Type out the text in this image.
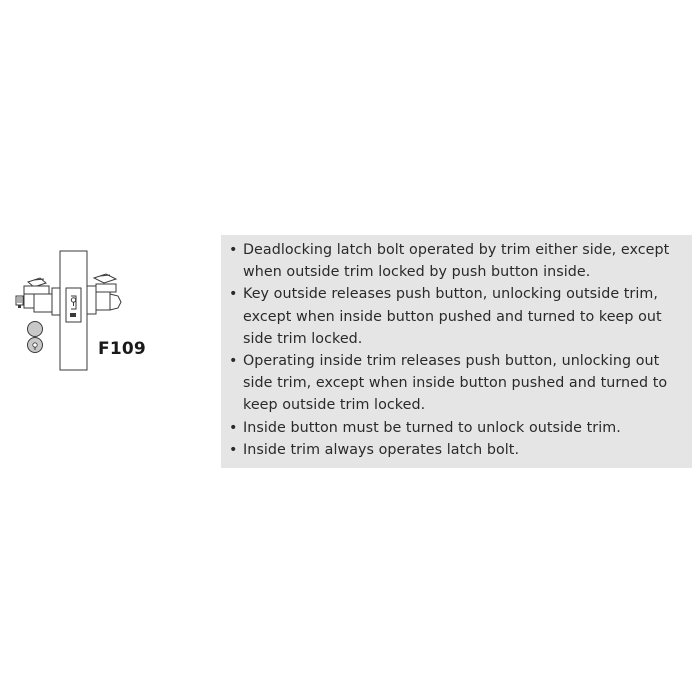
F109
• Deadlocking latch bolt operated by trim either side, except when outside trim locked by push button inside.
• Key outside releases push button, unlocking outside trim, except when inside button pushed and turned to keep out side trim locked.
• Operating inside trim releases push button, unlocking out side trim, except when inside button pushed and turned to keep outside trim locked.
• Inside button must be turned to unlock outside trim.
• Inside trim always operates latch bolt.
